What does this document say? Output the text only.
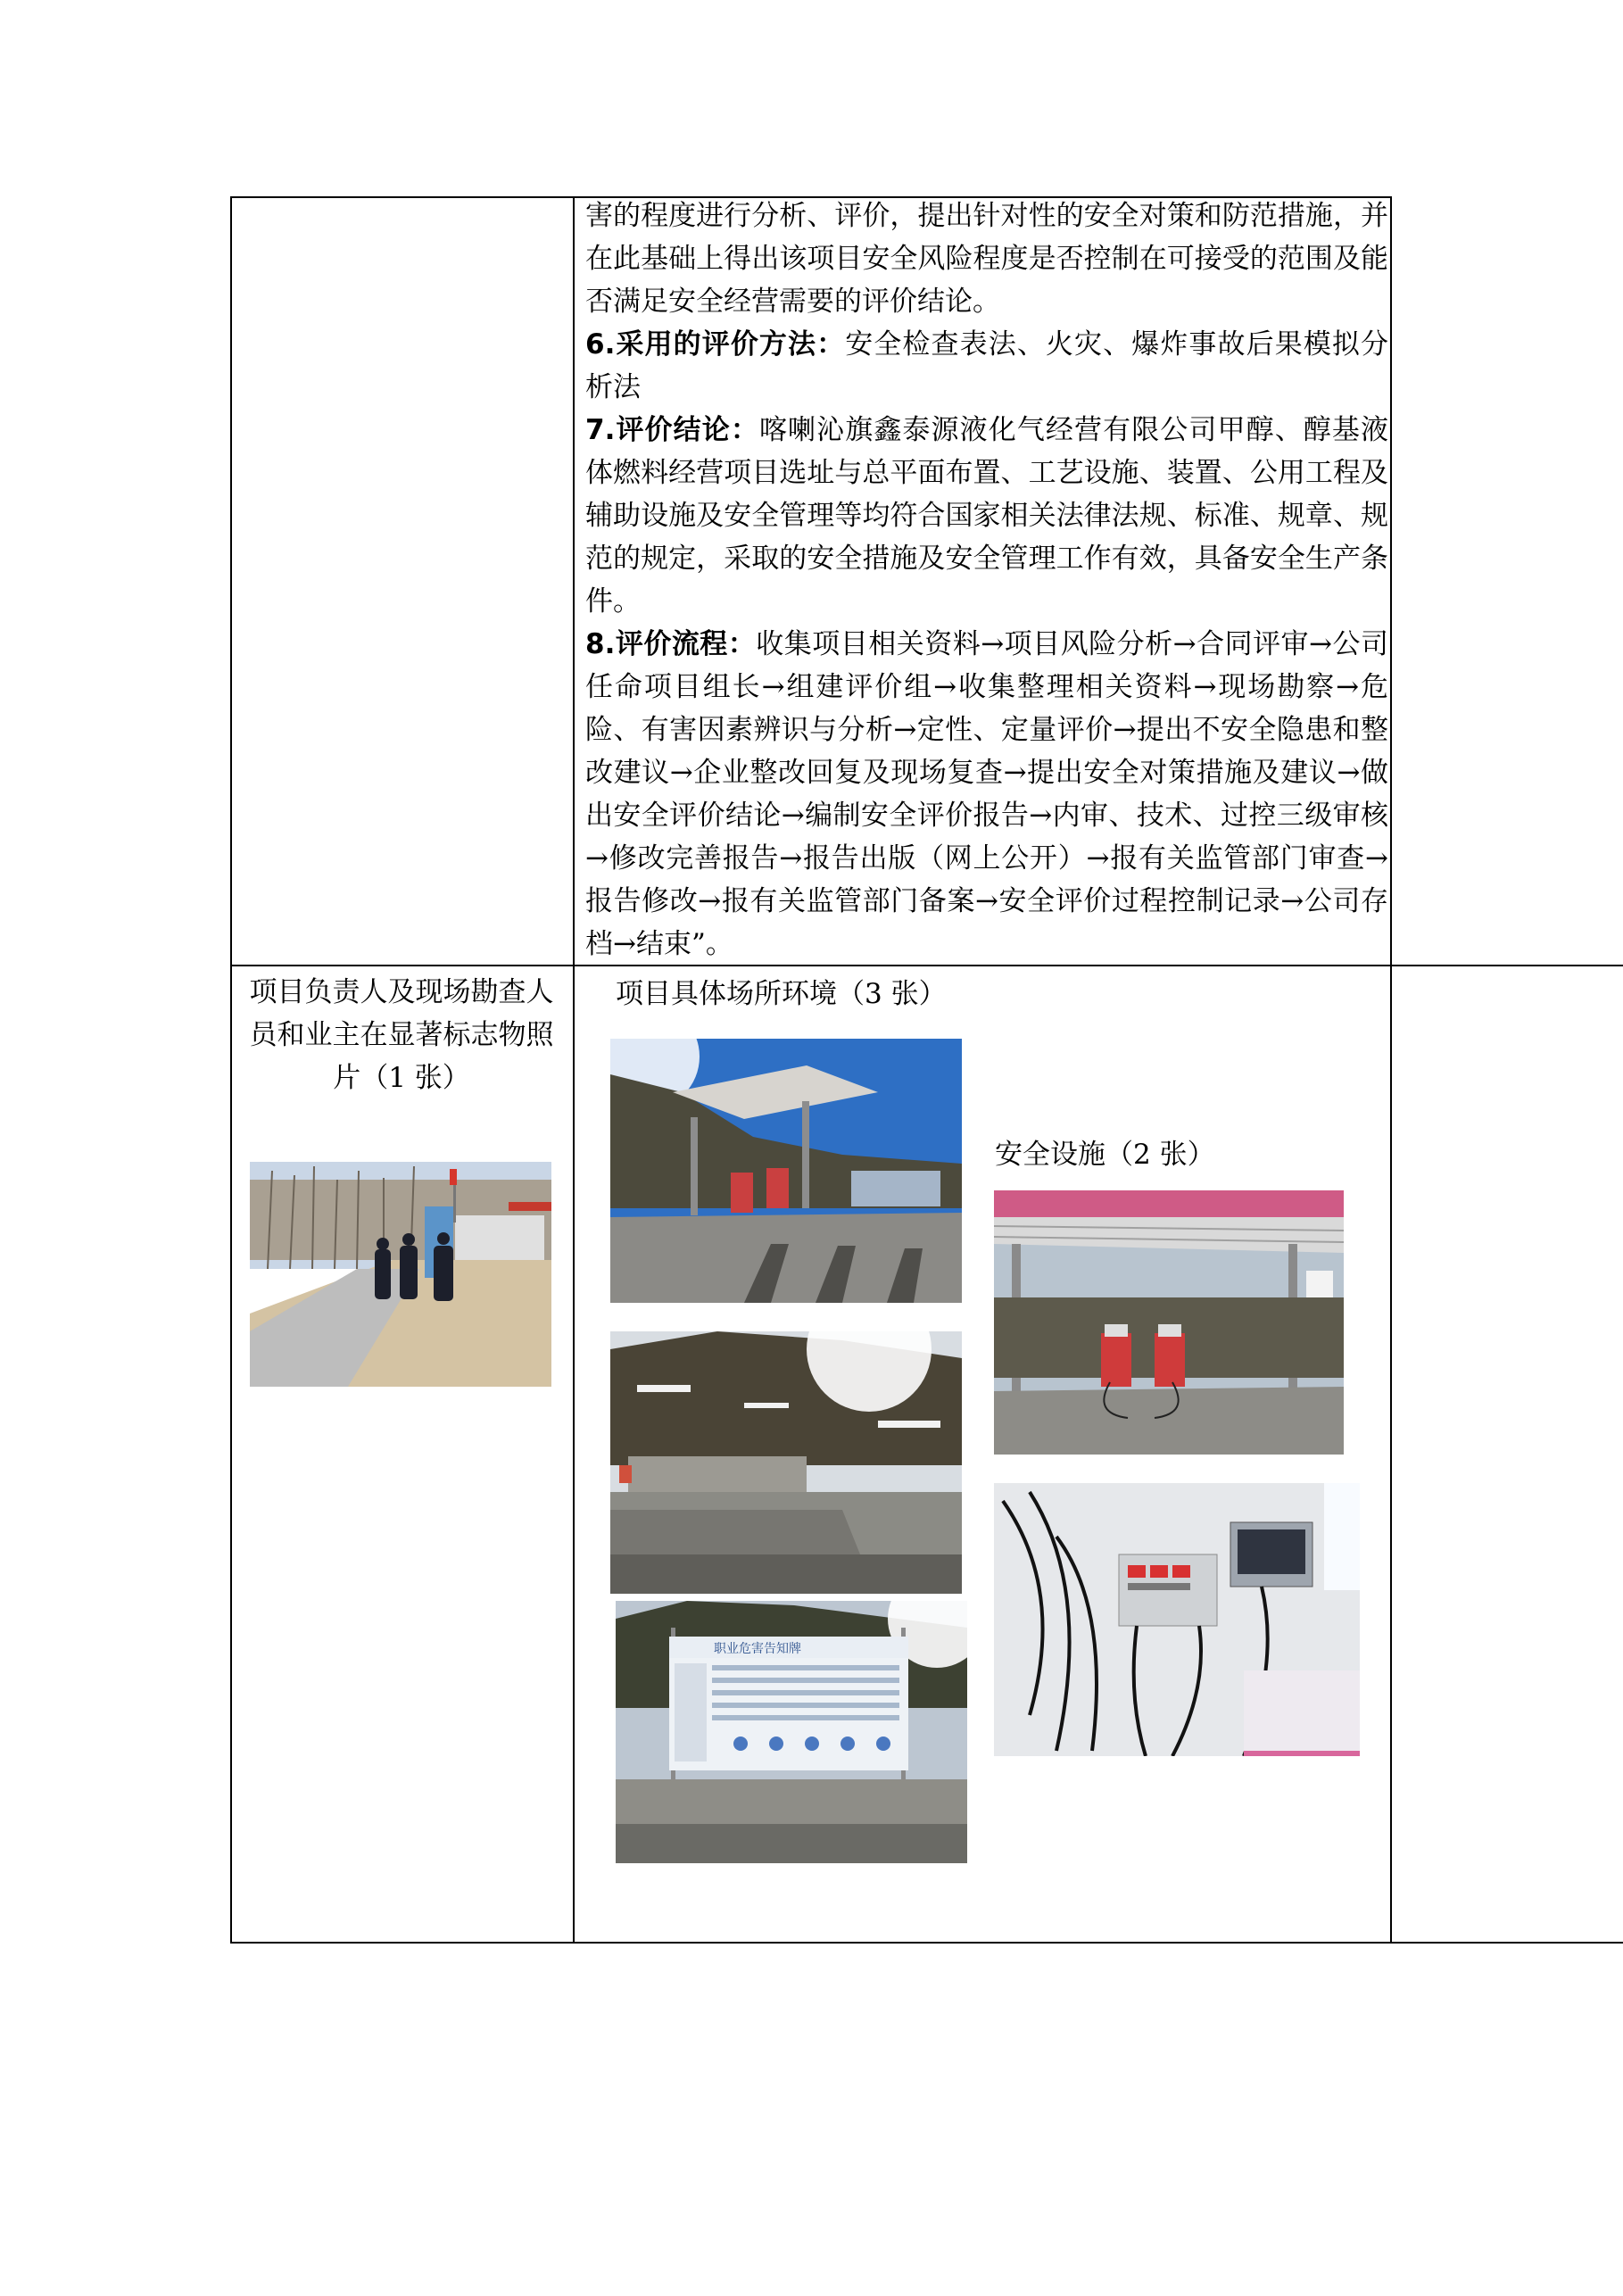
害的程度进行分析、评价，提出针对性的安全对策和防范措施，并在此基础上得出该项目安全风险程度是否控制在可接受的范围及能否满足安全经营需要的评价结论。

6.采用的评价方法：安全检查表法、火灾、爆炸事故后果模拟分析法

7.评价结论：喀喇沁旗鑫泰源液化气经营有限公司甲醇、醇基液体燃料经营项目选址与总平面布置、工艺设施、装置、公用工程及辅助设施及安全管理等均符合国家相关法律法规、标准、规章、规范的规定，采取的安全措施及安全管理工作有效，具备安全生产条件。

8.评价流程：收集项目相关资料→项目风险分析→合同评审→公司任命项目组长→组建评价组→收集整理相关资料→现场勘察→危险、有害因素辨识与分析→定性、定量评价→提出不安全隐患和整改建议→企业整改回复及现场复查→提出安全对策措施及建议→做出安全评价结论→编制安全评价报告→内审、技术、过控三级审核→修改完善报告→报告出版（网上公开）→报有关监管部门审查→报告修改→报有关监管部门备案→安全评价过程控制记录→公司存档→结束”。

项目负责人及现场勘查人员和业主在显著标志物照片（1 张）
项目具体场所环境（3 张）
安全设施（2 张）
职业危害告知牌
